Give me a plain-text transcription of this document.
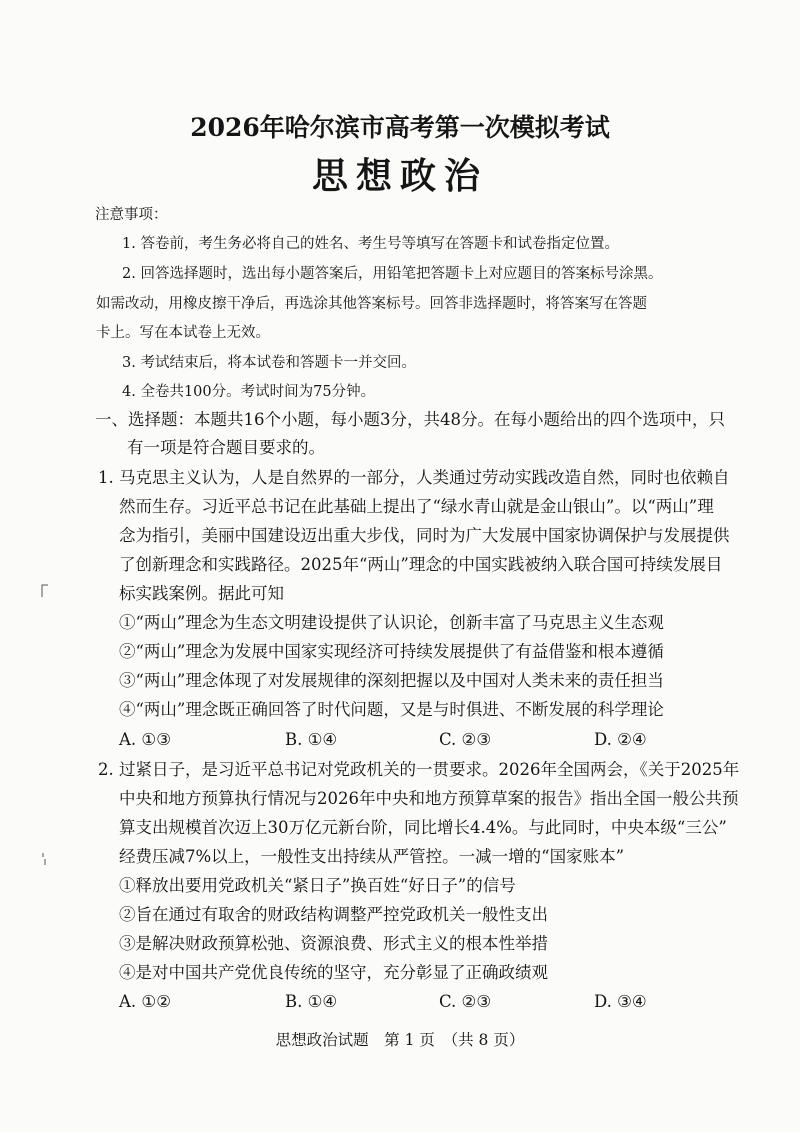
2026年哈尔滨市高考第一次模拟考试
思想政治
注意事项：
1. 答卷前，考生务必将自己的姓名、考生号等填写在答题卡和试卷指定位置。
2. 回答选择题时，选出每小题答案后，用铅笔把答题卡上对应题目的答案标号涂黑。
如需改动，用橡皮擦干净后，再选涂其他答案标号。回答非选择题时，将答案写在答题
卡上。写在本试卷上无效。
3. 考试结束后，将本试卷和答题卡一并交回。
4. 全卷共100分。考试时间为75分钟。
一、选择题：本题共16个小题，每小题3分，共48分。在每小题给出的四个选项中，只
有一项是符合题目要求的。
1. 马克思主义认为，人是自然界的一部分，人类通过劳动实践改造自然，同时也依赖自
然而生存。习近平总书记在此基础上提出了“绿水青山就是金山银山”。以“两山”理
念为指引，美丽中国建设迈出重大步伐，同时为广大发展中国家协调保护与发展提供
了创新理念和实践路径。2025年“两山”理念的中国实践被纳入联合国可持续发展目
标实践案例。据此可知
①“两山”理念为生态文明建设提供了认识论，创新丰富了马克思主义生态观
②“两山”理念为发展中国家实现经济可持续发展提供了有益借鉴和根本遵循
③“两山”理念体现了对发展规律的深刻把握以及中国对人类未来的责任担当
④“两山”理念既正确回答了时代问题，又是与时俱进、不断发展的科学理论
A. ①③	B. ①④	C. ②③	D. ②④
2. 过紧日子，是习近平总书记对党政机关的一贯要求。2026年全国两会，《关于2025年
中央和地方预算执行情况与2026年中央和地方预算草案的报告》指出全国一般公共预
算支出规模首次迈上30万亿元新台阶，同比增长4.4%。与此同时，中央本级“三公”
经费压减7%以上，一般性支出持续从严管控。一减一增的“国家账本”
①释放出要用党政机关“紧日子”换百姓“好日子”的信号
②旨在通过有取舍的财政结构调整严控党政机关一般性支出
③是解决财政预算松弛、资源浪费、形式主义的根本性举措
④是对中国共产党优良传统的坚守，充分彰显了正确政绩观
A. ①②	B. ①④	C. ②③	D. ③④
思想政治试题　第 1 页　（共 8 页）
